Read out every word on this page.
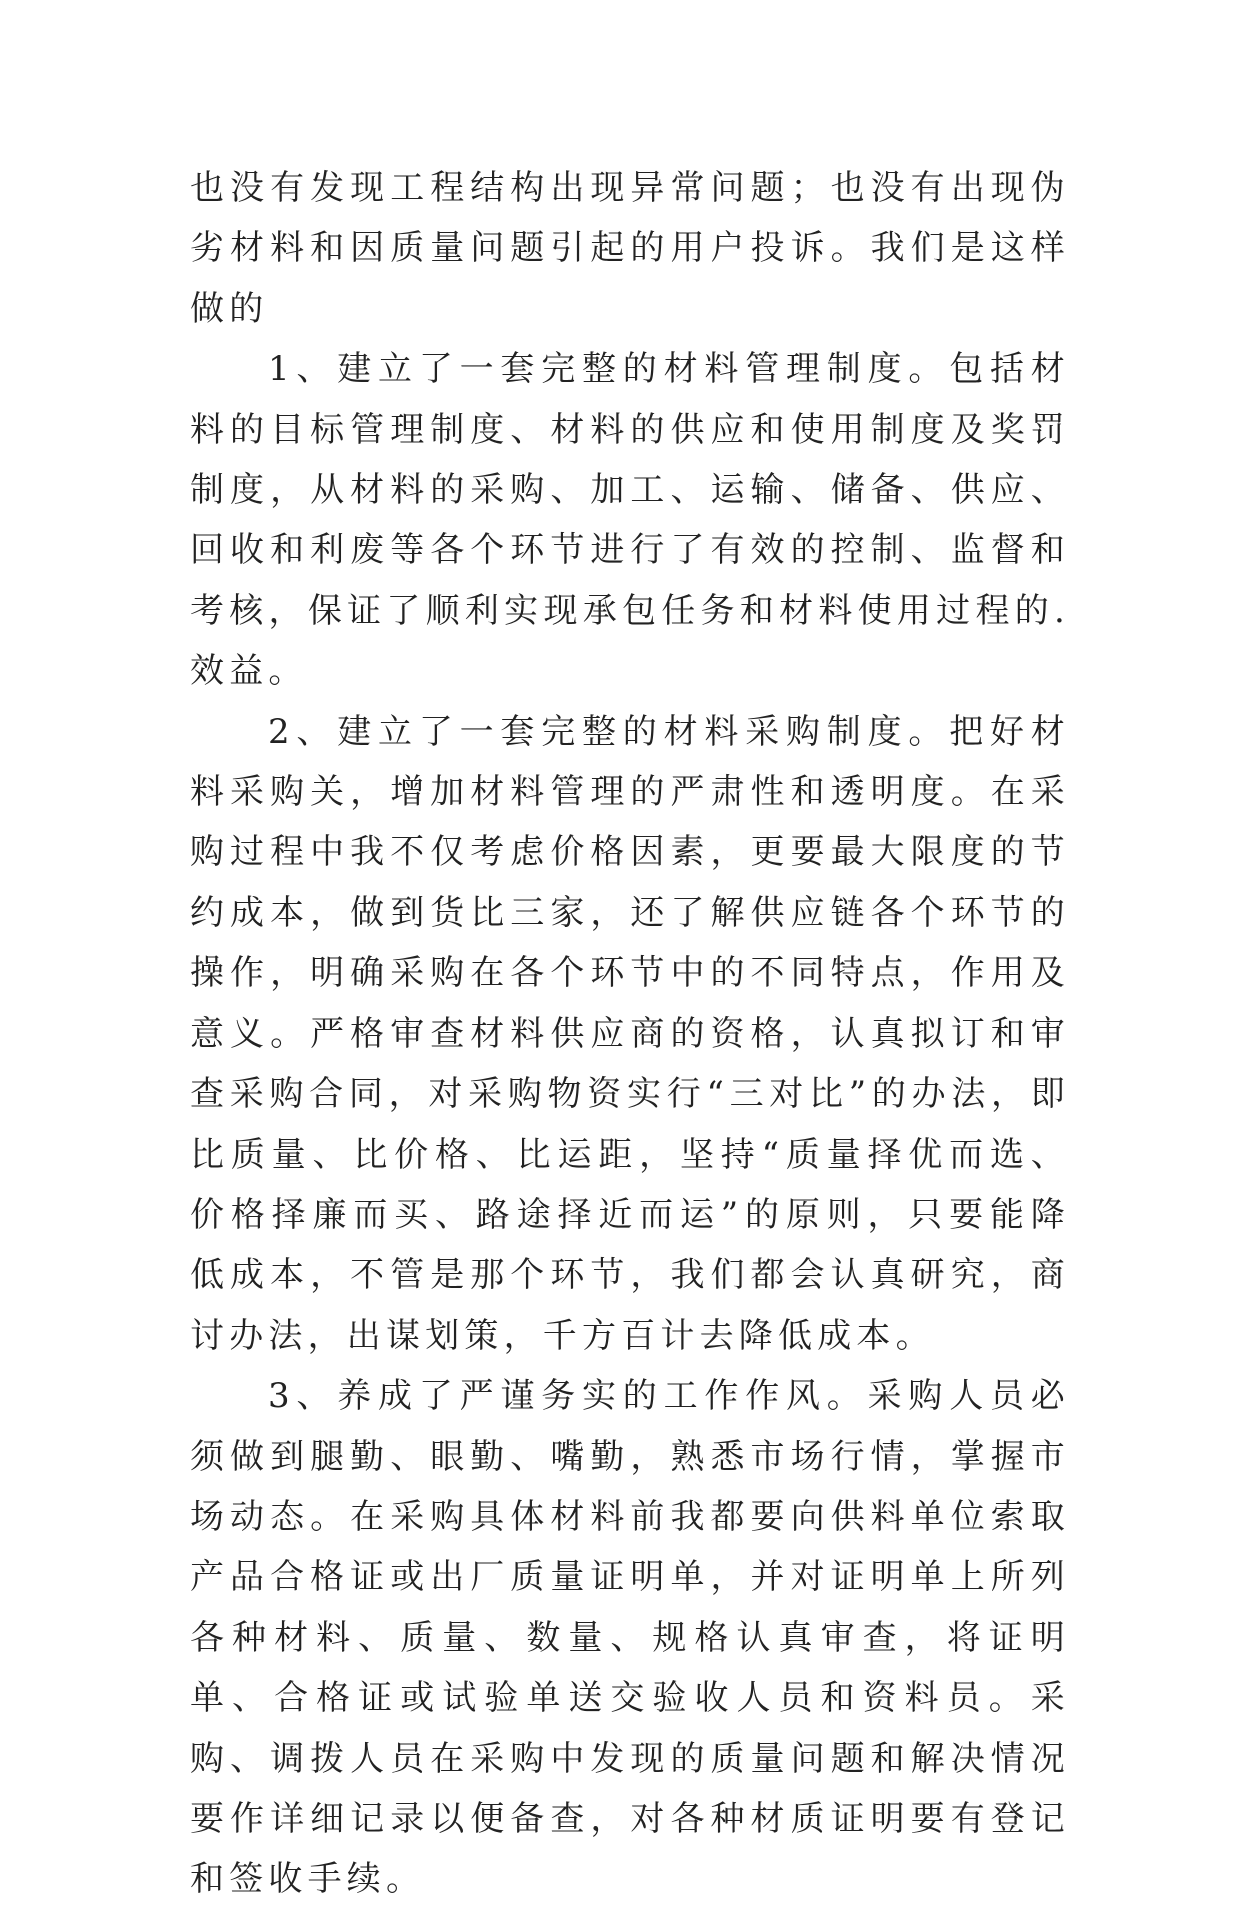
也没有发现工程结构出现异常问题；也没有出现伪劣材料和因质量问题引起的用户投诉。我们是这样做的

1、建立了一套完整的材料管理制度。包括材料的目标管理制度、材料的供应和使用制度及奖罚制度，从材料的采购、加工、运输、储备、供应、回收和利废等各个环节进行了有效的控制、监督和考核，保证了顺利实现承包任务和材料使用过程的.效益。

2、建立了一套完整的材料采购制度。把好材料采购关，增加材料管理的严肃性和透明度。在采购过程中我不仅考虑价格因素，更要最大限度的节约成本，做到货比三家，还了解供应链各个环节的操作，明确采购在各个环节中的不同特点，作用及意义。严格审查材料供应商的资格，认真拟订和审查采购合同，对采购物资实行“三对比”的办法，即比质量、比价格、比运距，坚持“质量择优而选、价格择廉而买、路途择近而运”的原则，只要能降低成本，不管是那个环节，我们都会认真研究，商讨办法，出谋划策，千方百计去降低成本。

3、养成了严谨务实的工作作风。采购人员必须做到腿勤、眼勤、嘴勤，熟悉市场行情，掌握市场动态。在采购具体材料前我都要向供料单位索取产品合格证或出厂质量证明单，并对证明单上所列各种材料、质量、数量、规格认真审查，将证明单、合格证或试验单送交验收人员和资料员。采购、调拨人员在采购中发现的质量问题和解决情况要作详细记录以便备查，对各种材质证明要有登记和签收手续。
